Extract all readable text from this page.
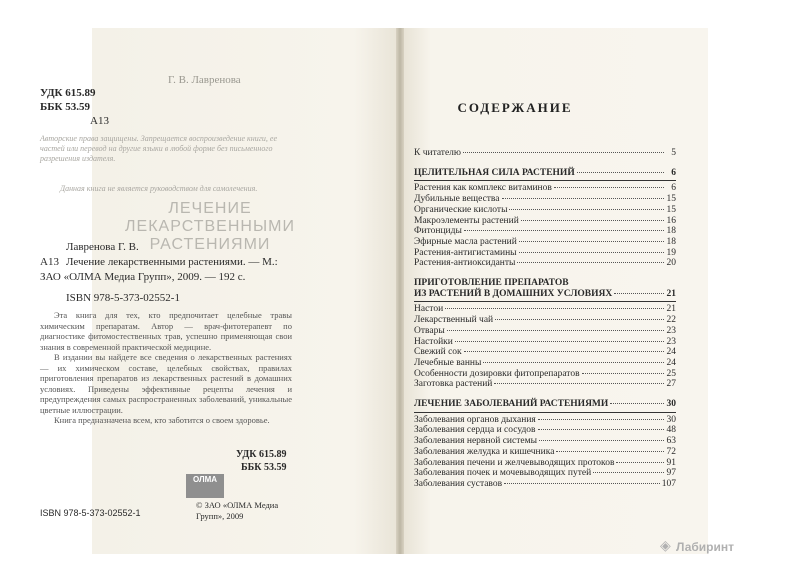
Г. В. Лавренова
УДК 615.89
ББК 53.59
А13
Авторские права защищены. Запрещается воспроизведение книги, ее частей или перевод на другие языки в любой форме без письменного разрешения издателя.
Данная книга не является руководством для самолечения.
ЛЕЧЕНИЕ ЛЕКАРСТВЕННЫМИ РАСТЕНИЯМИ
Лавренова Г. В.
А13 Лечение лекарственными растениями. — М.: ЗАО «ОЛМА Медиа Групп», 2009. — 192 с.
ISBN 978-5-373-02552-1
Эта книга для тех, кто предпочитает целебные травы химическим препаратам. Автор — врач-фитотерапевт по диагностике фитомостественных трав, успешно применяющая свои знания в современной практической медицине.
В издании вы найдете все сведения о лекарственных растениях — их химическом составе, целебных свойствах, правилах приготовления препаратов из лекарственных растений в домашних условиях. Приведены эффективные рецепты лечения и предупреждения самых распространенных заболеваний, уникальные цветные иллюстрации.
Книга предназначена всем, кто заботится о своем здоровье.
УДК 615.89
ББК 53.59
ОЛМА
ISBN 978-5-373-02552-1
© ЗАО «ОЛМА Медиа Групп», 2009
СОДЕРЖАНИЕ
К читателю	5
ЦЕЛИТЕЛЬНАЯ СИЛА РАСТЕНИЙ	6
Растения как комплекс витаминов	6
Дубильные вещества	15
Органические кислоты	15
Макроэлементы растений	16
Фитонциды	18
Эфирные масла растений	18
Растения-антигистамины	19
Растения-антиоксиданты	20
ПРИГОТОВЛЕНИЕ ПРЕПАРАТОВ
ИЗ РАСТЕНИЙ В ДОМАШНИХ УСЛОВИЯХ	21
Настои	21
Лекарственный чай	22
Отвары	23
Настойки	23
Свежий сок	24
Лечебные ванны	24
Особенности дозировки фитопрепаратов	25
Заготовка растений	27
ЛЕЧЕНИЕ ЗАБОЛЕВАНИЙ РАСТЕНИЯМИ	30
Заболевания органов дыхания	30
Заболевания сердца и сосудов	48
Заболевания нервной системы	63
Заболевания желудка и кишечника	72
Заболевания печени и желчевыводящих протоков	91
Заболевания почек и мочевыводящих путей	97
Заболевания суставов	107
◈ Лабиринт
